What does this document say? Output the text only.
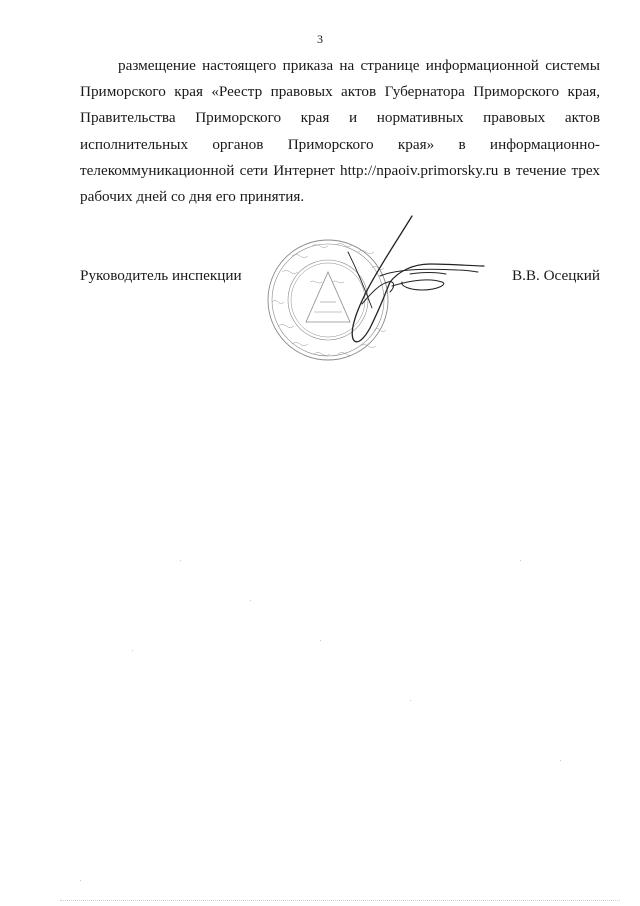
3
размещение настоящего приказа на странице информационной системы
Приморского края «Реестр правовых актов Губернатора Приморского края,
Правительства Приморского края и нормативных правовых актов
исполнительных органов Приморского края» в информационно-
телекоммуникационной сети Интернет http://npaoiv.primorsky.ru в течение трех
рабочих дней со дня его принятия.
Руководитель инспекции	В.В. Осецкий
